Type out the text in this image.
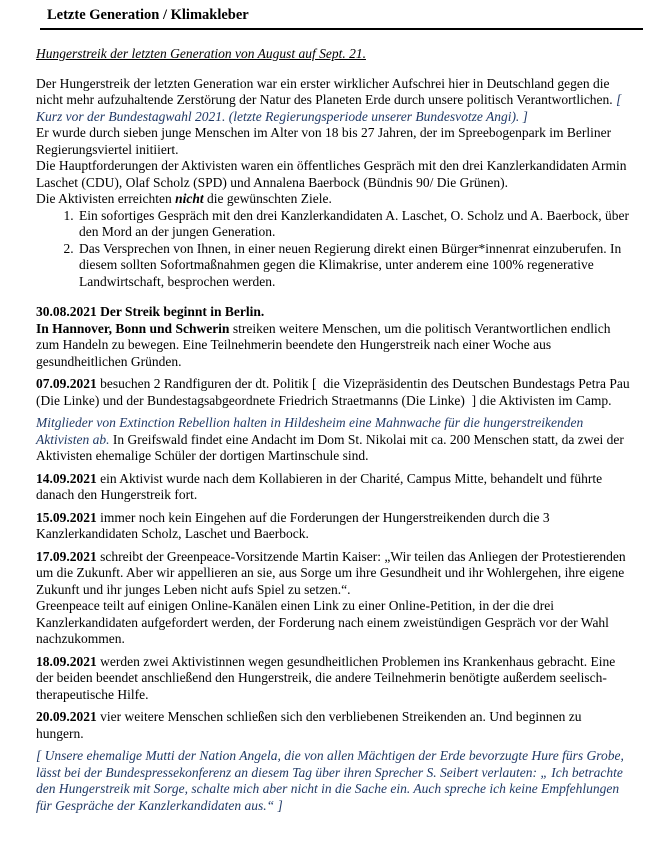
Letzte Generation / Klimakleber
Hungerstreik der letzten Generation von August auf Sept. 21.

Der Hungerstreik der letzten Generation war ein erster wirklicher Aufschrei hier in Deutschland gegen die nicht mehr aufzuhaltende Zerstörung der Natur des Planeten Erde durch unsere politisch Verantwortlichen. [ Kurz vor der Bundestagwahl 2021. (letzte Regierungsperiode unserer Bundesvotze Angi). ]

Er wurde durch sieben junge Menschen im Alter von 18 bis 27 Jahren, der im Spreebogenpark im Berliner Regierungsviertel initiiert.

Die Hauptforderungen der Aktivisten waren ein öffentliches Gespräch mit den drei Kanzlerkandidaten Armin Laschet (CDU), Olaf Scholz (SPD) und Annalena Baerbock (Bündnis 90/ Die Grünen).

Die Aktivisten erreichten nicht die gewünschten Ziele.

1. Ein sofortiges Gespräch mit den drei Kanzlerkandidaten A. Laschet, O. Scholz und A. Baerbock, über den Mord an der jungen Generation.
2. Das Versprechen von Ihnen, in einer neuen Regierung direkt einen Bürger*innenrat einzuberufen. In diesem sollten Sofortmaßnahmen gegen die Klimakrise, unter anderem eine 100% regenerative Landwirtschaft, besprochen werden.

30.08.2021 Der Streik beginnt in Berlin.
In Hannover, Bonn und Schwerin streiken weitere Menschen, um die politisch Verantwortlichen endlich zum Handeln zu bewegen. Eine Teilnehmerin beendete den Hungerstreik nach einer Woche aus gesundheitlichen Gründen.

07.09.2021 besuchen 2 Randfiguren der dt. Politik [  die Vizepräsidentin des Deutschen Bundestags Petra Pau (Die Linke) und der Bundestagsabgeordnete Friedrich Straetmanns (Die Linke)  ] die Aktivisten im Camp.

Mitglieder von Extinction Rebellion halten in Hildesheim eine Mahnwache für die hungerstreikenden Aktivisten ab. In Greifswald findet eine Andacht im Dom St. Nikolai mit ca. 200 Menschen statt, da zwei der Aktivisten ehemalige Schüler der dortigen Martinschule sind.

14.09.2021 ein Aktivist wurde nach dem Kollabieren in der Charité, Campus Mitte, behandelt und führte danach den Hungerstreik fort.

15.09.2021 immer noch kein Eingehen auf die Forderungen der Hungerstreikenden durch die 3 Kanzlerkandidaten Scholz, Laschet und Baerbock.

17.09.2021 schreibt der Greenpeace-Vorsitzende Martin Kaiser: „Wir teilen das Anliegen der Protestierenden um die Zukunft. Aber wir appellieren an sie, aus Sorge um ihre Gesundheit und ihr Wohlergehen, ihre eigene Zukunft und ihr junges Leben nicht aufs Spiel zu setzen.“.
Greenpeace teilt auf einigen Online-Kanälen einen Link zu einer Online-Petition, in der die drei Kanzlerkandidaten aufgefordert werden, der Forderung nach einem zweistündigen Gespräch vor der Wahl nachzukommen.

18.09.2021 werden zwei Aktivistinnen wegen gesundheitlichen Problemen ins Krankenhaus gebracht. Eine der beiden beendet anschließend den Hungerstreik, die andere Teilnehmerin benötigte außerdem seelisch-therapeutische Hilfe.

20.09.2021 vier weitere Menschen schließen sich den verbliebenen Streikenden an. Und beginnen zu hungern.

[ Unsere ehemalige Mutti der Nation Angela, die von allen Mächtigen der Erde bevorzugte Hure fürs Grobe, lässt bei der Bundespressekonferenz an diesem Tag über ihren Sprecher S. Seibert verlauten: „ Ich betrachte den Hungerstreik mit Sorge, schalte mich aber nicht in die Sache ein. Auch spreche ich keine Empfehlungen für Gespräche der Kanzlerkandidaten aus.“ ]
